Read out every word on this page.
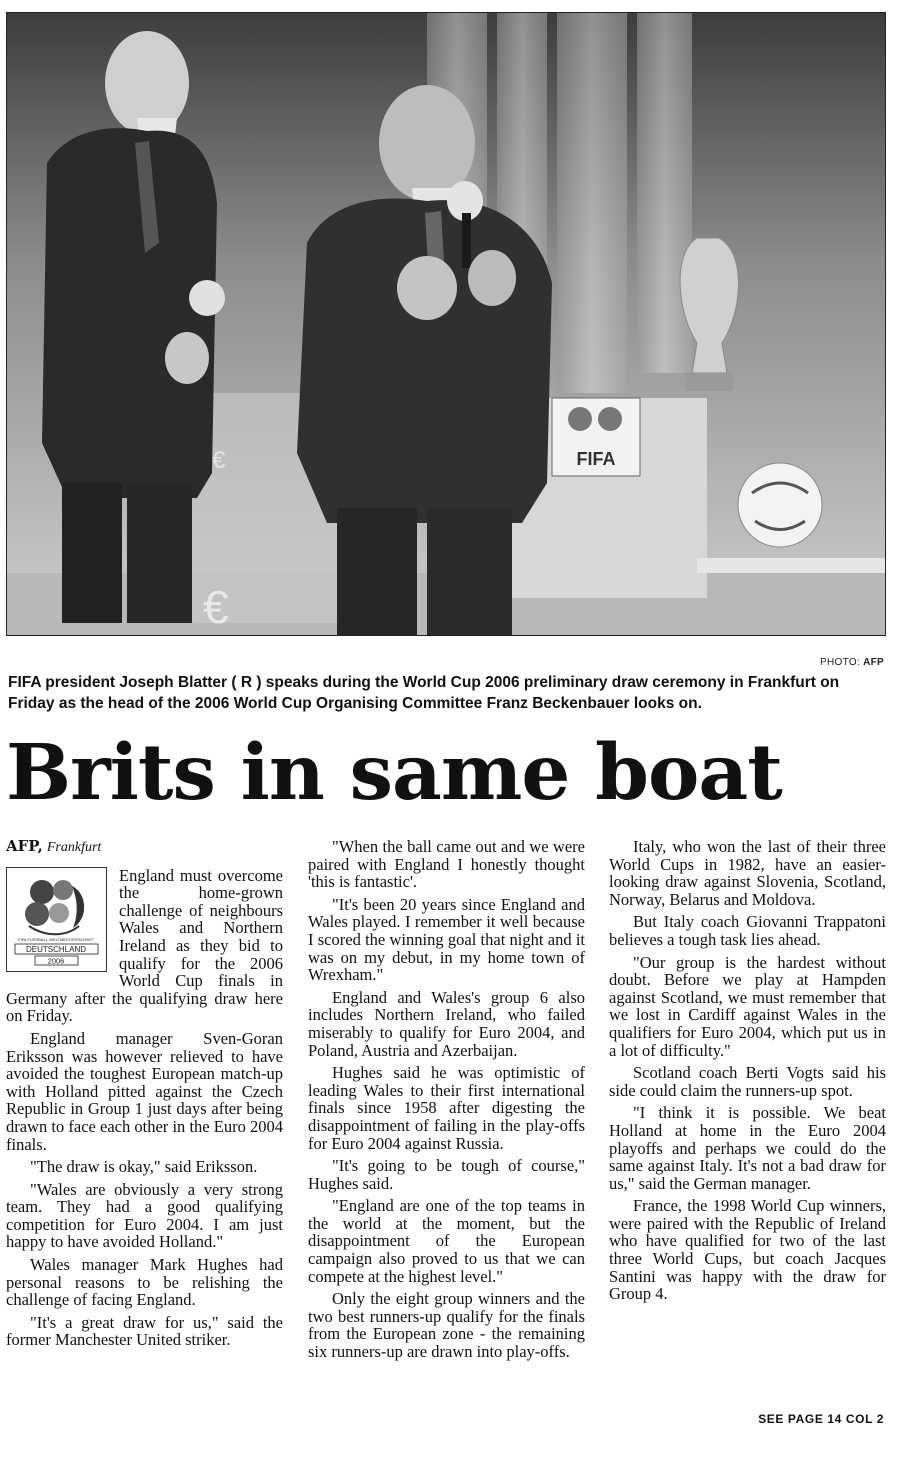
€
€
FIFA
PHOTO: AFP
FIFA president Joseph Blatter ( R ) speaks during the World Cup 2006 preliminary draw ceremony in Frankfurt on Friday as the head of the 2006 World Cup Organising Committee Franz Beckenbauer looks on.
Brits in same boat
AFP, Frankfurt
FIFA FUSSBALL-WELTMEISTERSCHAFT
DEUTSCHLAND
2006

England must overcome the home-grown challenge of neighbours Wales and Northern Ireland as they bid to qualify for the 2006 World Cup finals in Germany after the qualifying draw here on Friday.

England manager Sven-Goran Eriksson was however relieved to have avoided the toughest European match-up with Holland pitted against the Czech Republic in Group 1 just days after being drawn to face each other in the Euro 2004 finals.

"The draw is okay," said Eriksson.

"Wales are obviously a very strong team. They had a good qualifying competition for Euro 2004. I am just happy to have avoided Holland."

Wales manager Mark Hughes had personal reasons to be relishing the challenge of facing England.

"It's a great draw for us," said the former Manchester United striker.

"When the ball came out and we were paired with England I honestly thought 'this is fantastic'.

"It's been 20 years since England and Wales played. I remember it well because I scored the winning goal that night and it was on my debut, in my home town of Wrexham."

England and Wales's group 6 also includes Northern Ireland, who failed miserably to qualify for Euro 2004, and Poland, Austria and Azerbaijan.

Hughes said he was optimistic of leading Wales to their first international finals since 1958 after digesting the disappointment of failing in the play-offs for Euro 2004 against Russia.

"It's going to be tough of course," Hughes said.

"England are one of the top teams in the world at the moment, but the disappointment of the European campaign also proved to us that we can compete at the highest level."

Only the eight group winners and the two best runners-up qualify for the finals from the European zone - the remaining six runners-up are drawn into play-offs.

Italy, who won the last of their three World Cups in 1982, have an easier-looking draw against Slovenia, Scotland, Norway, Belarus and Moldova.

But Italy coach Giovanni Trappatoni believes a tough task lies ahead.

"Our group is the hardest without doubt. Before we play at Hampden against Scotland, we must remember that we lost in Cardiff against Wales in the qualifiers for Euro 2004, which put us in a lot of difficulty."

Scotland coach Berti Vogts said his side could claim the runners-up spot.

"I think it is possible. We beat Holland at home in the Euro 2004 playoffs and perhaps we could do the same against Italy. It's not a bad draw for us," said the German manager.

France, the 1998 World Cup winners, were paired with the Republic of Ireland who have qualified for two of the last three World Cups, but coach Jacques Santini was happy with the draw for Group 4.

SEE PAGE 14 COL 2
